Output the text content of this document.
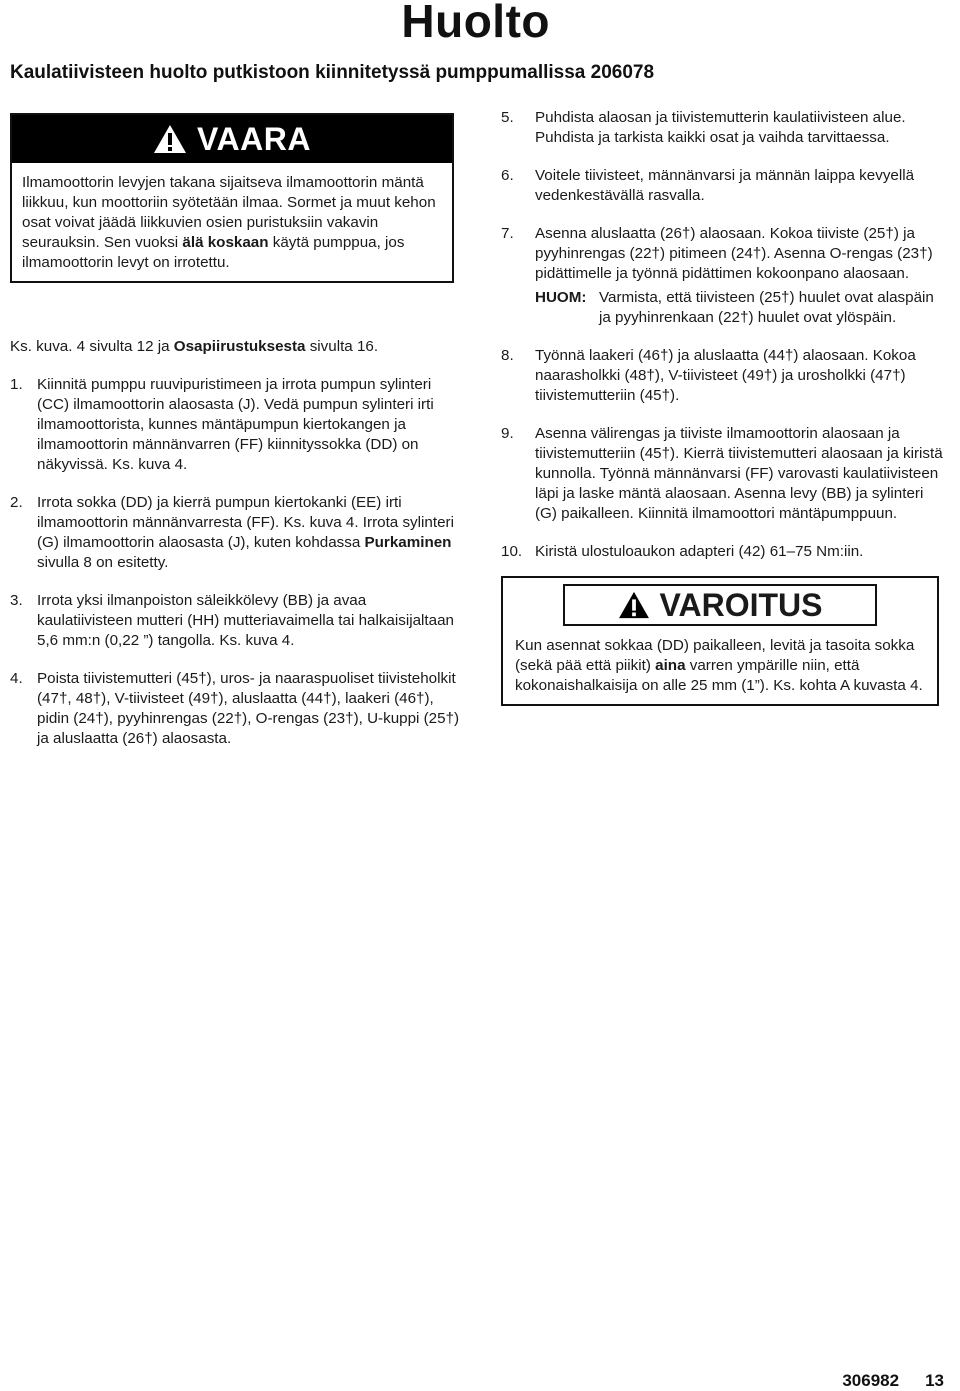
Huolto
Kaulatiivisteen huolto putkistoon kiinnitetyssä pumppumallissa 206078
VAARA
Ilmamoottorin levyjen takana sijaitseva ilmamoottorin mäntä liikkuu, kun moottoriin syötetään ilmaa. Sormet ja muut kehon osat voivat jäädä liikkuvien osien puristuksiin vakavin seurauksin. Sen vuoksi älä koskaan käytä pumppua, jos ilmamoottorin levyt on irrotettu.
Ks. kuva. 4 sivulta 12 ja Osapiirustuksesta sivulta 16.
1. Kiinnitä pumppu ruuvipuristimeen ja irrota pumpun sylinteri (CC) ilmamoottorin alaosasta (J). Vedä pumpun sylinteri irti ilmamoottorista, kunnes mäntäpumpun kiertokangen ja ilmamoottorin männänvarren (FF) kiinnityssokka (DD) on näkyvissä. Ks. kuva 4.
2. Irrota sokka (DD) ja kierrä pumpun kiertokanki (EE) irti ilmamoottorin männänvarresta (FF). Ks. kuva 4. Irrota sylinteri (G) ilmamoottorin alaosasta (J), kuten kohdassa Purkaminen sivulla 8 on esitetty.
3. Irrota yksi ilmanpoiston säleikkölevy (BB) ja avaa kaulatiivisteen mutteri (HH) mutteriavaimella tai halkaisijaltaan 5,6 mm:n (0,22 ”) tangolla. Ks. kuva 4.
4. Poista tiivistemutteri (45†), uros- ja naaraspuoliset tiivisteholkit (47†, 48†), V-tiivisteet (49†), aluslaatta (44†), laakeri (46†), pidin (24†), pyyhinrengas (22†), O-rengas (23†), U-kuppi (25†) ja aluslaatta (26†) alaosasta.
5.	Puhdista alaosan ja tiivistemutterin kaulatiivisteen alue. Puhdista ja tarkista kaikki osat ja vaihda tarvittaessa.
6.	Voitele tiivisteet, männänvarsi ja männän laippa kevyellä vedenkestävällä rasvalla.
7.	Asenna aluslaatta (26†) alaosaan. Kokoa tiiviste (25†) ja pyyhinrengas (22†) pitimeen (24†). Asenna O-rengas (23†) pidättimelle ja työnnä pidättimen kokoonpano alaosaan.
HUOM: Varmista, että tiivisteen (25†) huulet ovat alaspäin ja pyyhinrenkaan (22†) huulet ovat ylöspäin.
8.	Työnnä laakeri (46†) ja aluslaatta (44†) alaosaan. Kokoa naarasholkki (48†), V-tiivisteet (49†) ja urosholkki (47†) tiivistemutteriin (45†).
9.	Asenna välirengas ja tiiviste ilmamoottorin alaosaan ja tiivistemutteriin (45†). Kierrä tiivistemutteri alaosaan ja kiristä kunnolla. Työnnä männänvarsi (FF) varovasti kaulatiivisteen läpi ja laske mäntä alaosaan. Asenna levy (BB) ja sylinteri (G) paikalleen. Kiinnitä ilmamoottori mäntäpumppuun.
10. Kiristä ulostuloaukon adapteri (42) 61–75 Nm:iin.
VAROITUS
Kun asennat sokkaa (DD) paikalleen, levitä ja tasoita sokka (sekä pää että piikit) aina varren ympärille niin, että kokonaishalkaisija on alle 25 mm (1”). Ks. kohta A kuvasta 4.
306982 13
